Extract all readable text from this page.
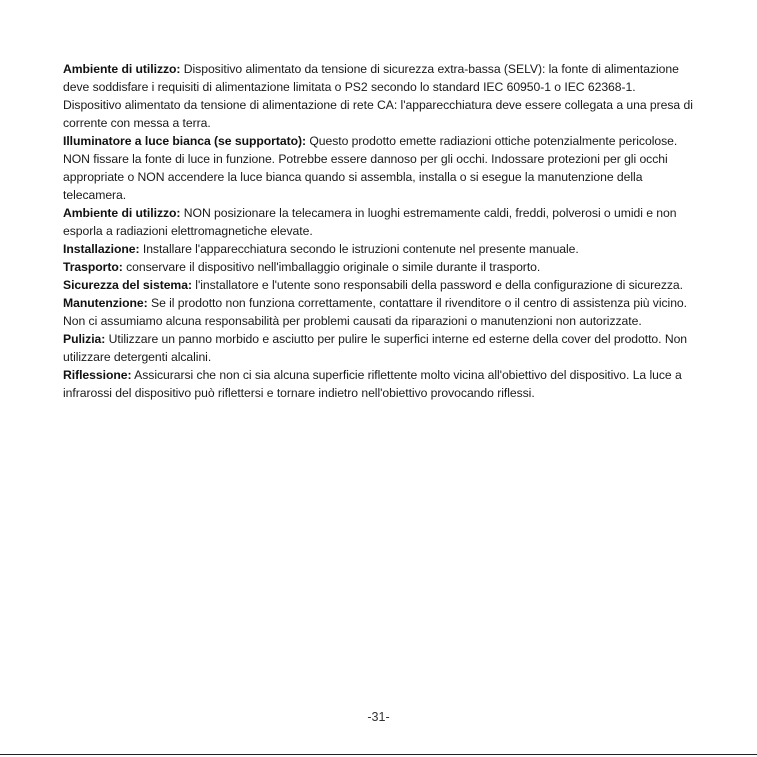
Ambiente di utilizzo: Dispositivo alimentato da tensione di sicurezza extra-bassa (SELV): la fonte di alimentazione deve soddisfare i requisiti di alimentazione limitata o PS2 secondo lo standard IEC 60950-1 o IEC 62368-1. Dispositivo alimentato da tensione di alimentazione di rete CA: l'apparecchiatura deve essere collegata a una presa di corrente con messa a terra.

Illuminatore a luce bianca (se supportato): Questo prodotto emette radiazioni ottiche potenzialmente pericolose. NON fissare la fonte di luce in funzione. Potrebbe essere dannoso per gli occhi. Indossare protezioni per gli occhi appropriate o NON accendere la luce bianca quando si assembla, installa o si esegue la manutenzione della telecamera.

Ambiente di utilizzo: NON posizionare la telecamera in luoghi estremamente caldi, freddi, polverosi o umidi e non esporla a radiazioni elettromagnetiche elevate.

Installazione: Installare l'apparecchiatura secondo le istruzioni contenute nel presente manuale.

Trasporto: conservare il dispositivo nell'imballaggio originale o simile durante il trasporto.

Sicurezza del sistema: l'installatore e l'utente sono responsabili della password e della configurazione di sicurezza.

Manutenzione: Se il prodotto non funziona correttamente, contattare il rivenditore o il centro di assistenza più vicino. Non ci assumiamo alcuna responsabilità per problemi causati da riparazioni o manutenzioni non autorizzate.

Pulizia: Utilizzare un panno morbido e asciutto per pulire le superfici interne ed esterne della cover del prodotto. Non utilizzare detergenti alcalini.

Riflessione: Assicurarsi che non ci sia alcuna superficie riflettente molto vicina all'obiettivo del dispositivo. La luce a infrarossi del dispositivo può riflettersi e tornare indietro nell'obiettivo provocando riflessi.

-31-
